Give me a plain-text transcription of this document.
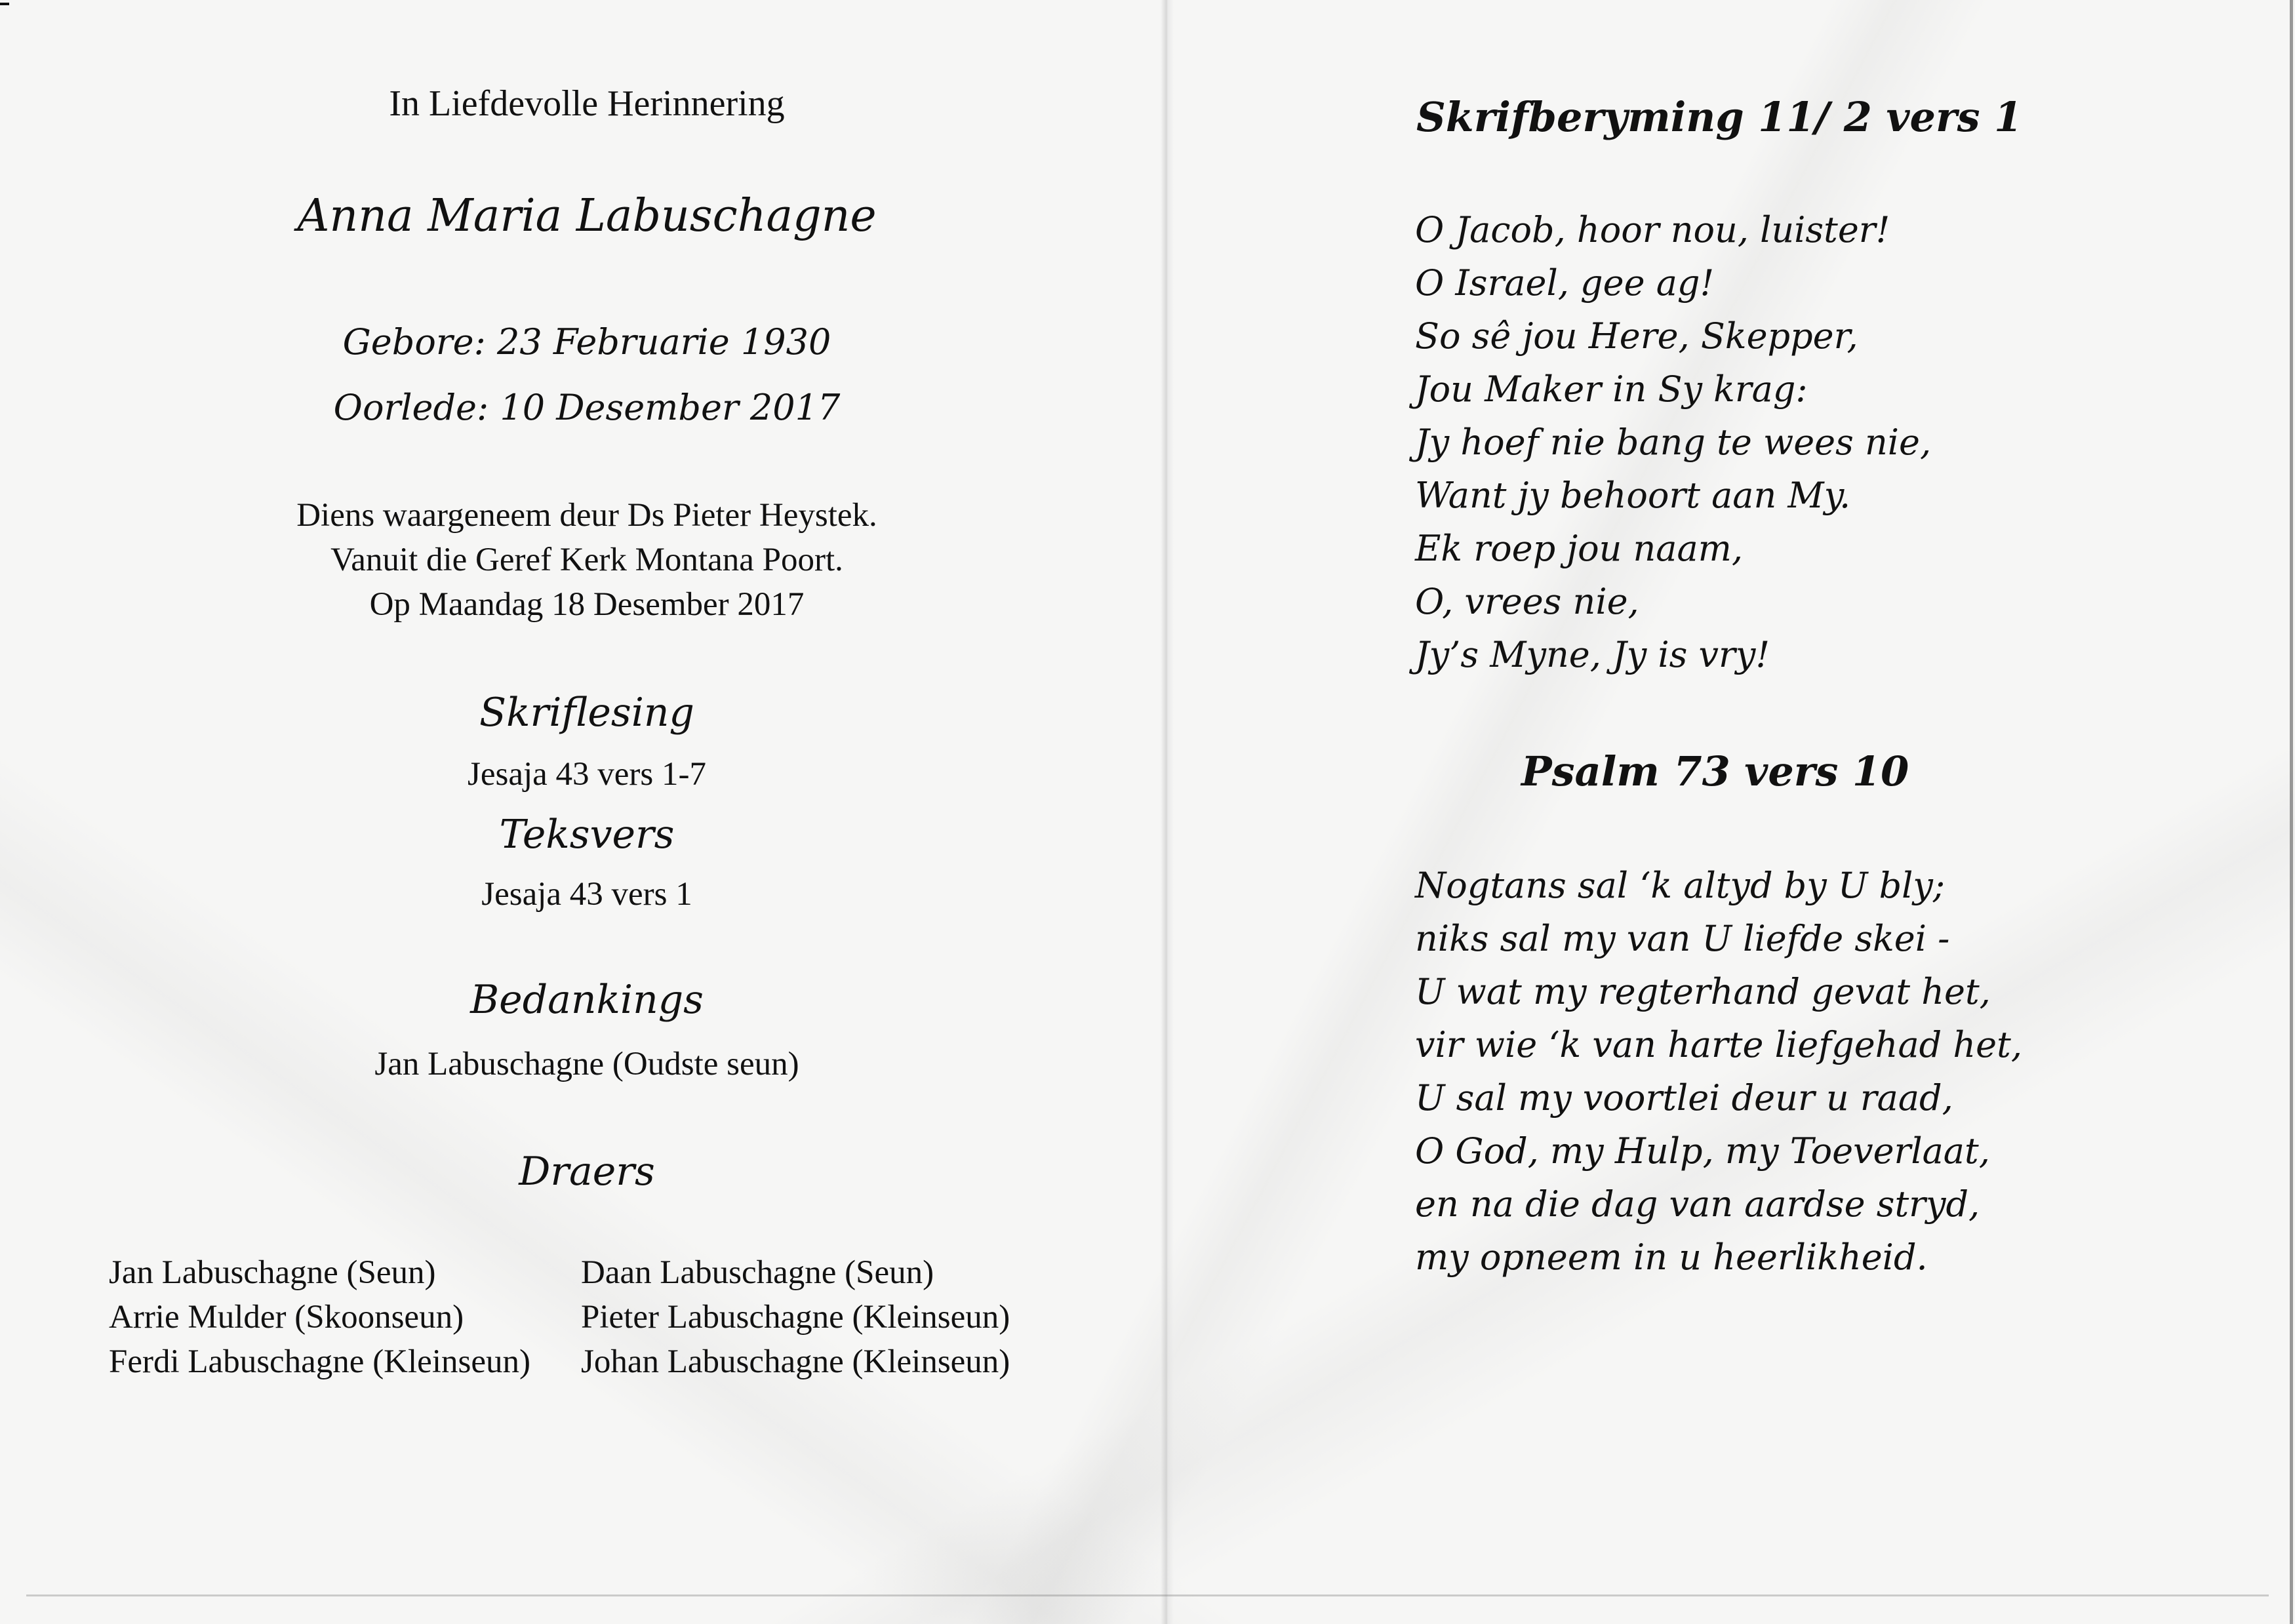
In Liefdevolle Herinnering
Anna Maria Labuschagne
Gebore: 23 Februarie 1930
Oorlede: 10 Desember 2017
Diens waargeneem deur Ds Pieter Heystek.
Vanuit die Geref Kerk Montana Poort.
Op Maandag 18 Desember 2017
Skriflesing
Jesaja 43 vers 1-7
Teksvers
Jesaja 43 vers 1
Bedankings
Jan Labuschagne (Oudste seun)
Draers
Jan Labuschagne (Seun)	Daan Labuschagne (Seun)
Arrie Mulder (Skoonseun)	Pieter Labuschagne (Kleinseun)
Ferdi Labuschagne (Kleinseun) Johan Labuschagne (Kleinseun)
Skrifberyming 11/ 2 vers 1
O Jacob, hoor nou, luister!
O Israel, gee ag!
So sê jou Here, Skepper,
Jou Maker in Sy krag:
Jy hoef nie bang te wees nie,
Want jy behoort aan My.
Ek roep jou naam,
O, vrees nie,
Jy’s Myne, Jy is vry!
Psalm 73 vers 10
Nogtans sal ‘k altyd by U bly;
niks sal my van U liefde skei -
U wat my regterhand gevat het,
vir wie ‘k van harte liefgehad het,
U sal my voortlei deur u raad,
O God, my Hulp, my Toeverlaat,
en na die dag van aardse stryd,
my opneem in u heerlikheid.
